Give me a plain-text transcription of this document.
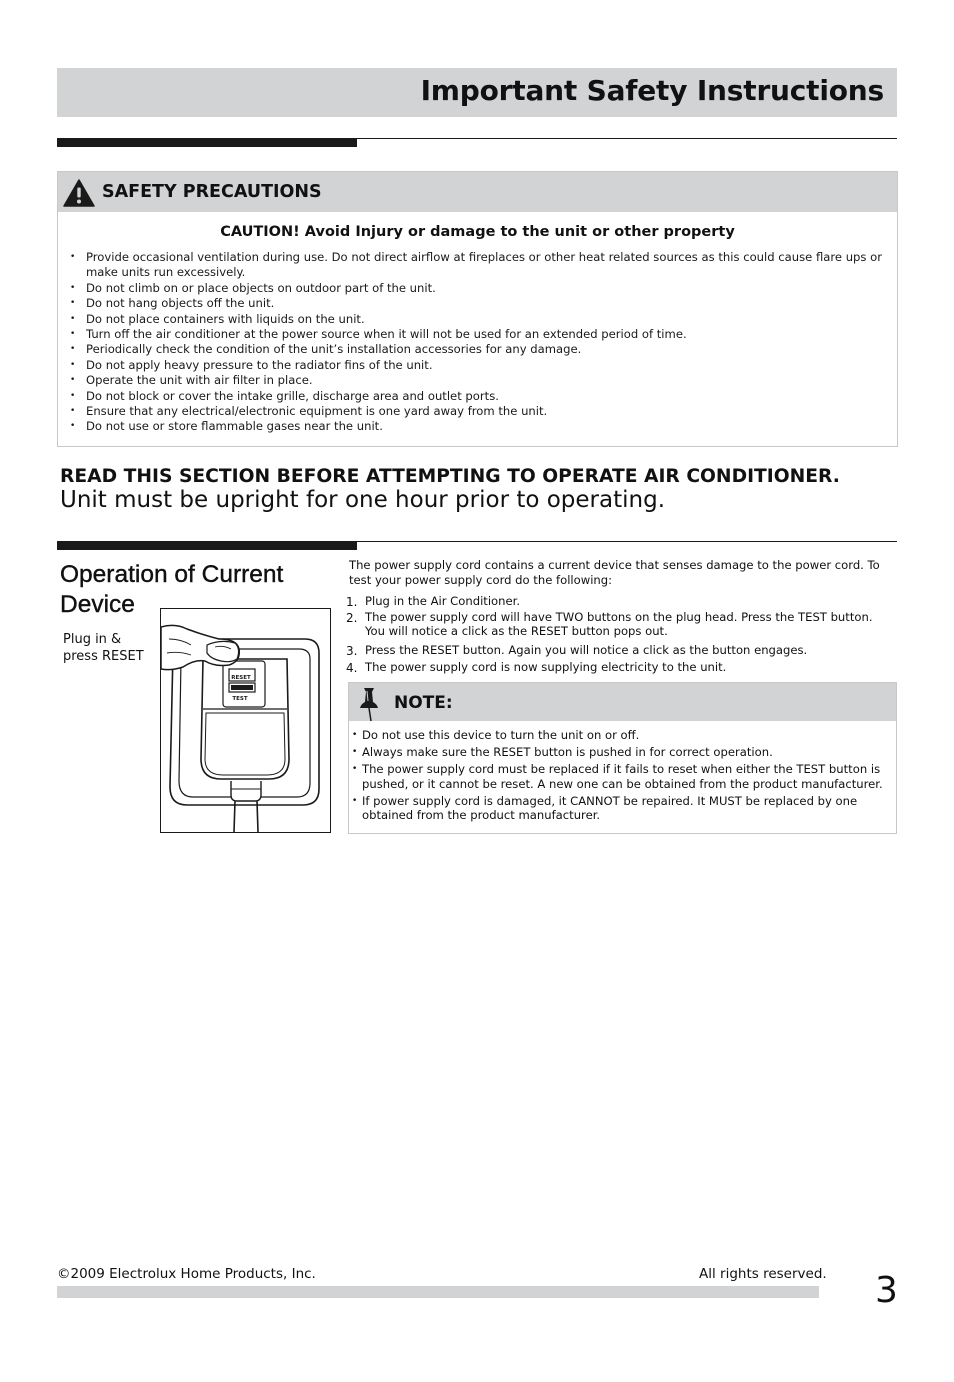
Important Safety Instructions
SAFETY PRECAUTIONS
CAUTION! Avoid Injury or damage to the unit or other property
• Provide occasional ventilation during use. Do not direct airflow at fireplaces or other heat related sources as this could cause flare ups or make units run excessively.
• Do not climb on or place objects on outdoor part of the unit.
• Do not hang objects off the unit.
• Do not place containers with liquids on the unit.
• Turn off the air conditioner at the power source when it will not be used for an extended period of time.
• Periodically check the condition of the unit’s installation accessories for any damage.
• Do not apply heavy pressure to the radiator fins of the unit.
• Operate the unit with air filter in place.
• Do not block or cover the intake grille, discharge area and outlet ports.
• Ensure that any electrical/electronic equipment is one yard away from the unit.
• Do not use or store flammable gases near the unit.
READ THIS SECTION BEFORE ATTEMPTING TO OPERATE AIR CONDITIONER.
Unit must be upright for one hour prior to operating.
Operation of Current
Device
Plug in &
press RESET
RESET
TEST
The power supply cord contains a current device that senses damage to the power cord. To test your power supply cord do the following:
1. Plug in the Air Conditioner.
2. The power supply cord will have TWO buttons on the plug head. Press the TEST button. You will notice a click as the RESET button pops out.
3. Press the RESET button. Again you will notice a click as the button engages.
4. The power supply cord is now supplying electricity to the unit.
NOTE:
• Do not use this device to turn the unit on or off.
• Always make sure the RESET button is pushed in for correct operation.
• The power supply cord must be replaced if it fails to reset when either the TEST button is pushed, or it cannot be reset. A new one can be obtained from the product manufacturer.
• If power supply cord is damaged, it CANNOT be repaired. It MUST be replaced by one obtained from the product manufacturer.
©2009 Electrolux Home Products, Inc.	All rights reserved. 3
